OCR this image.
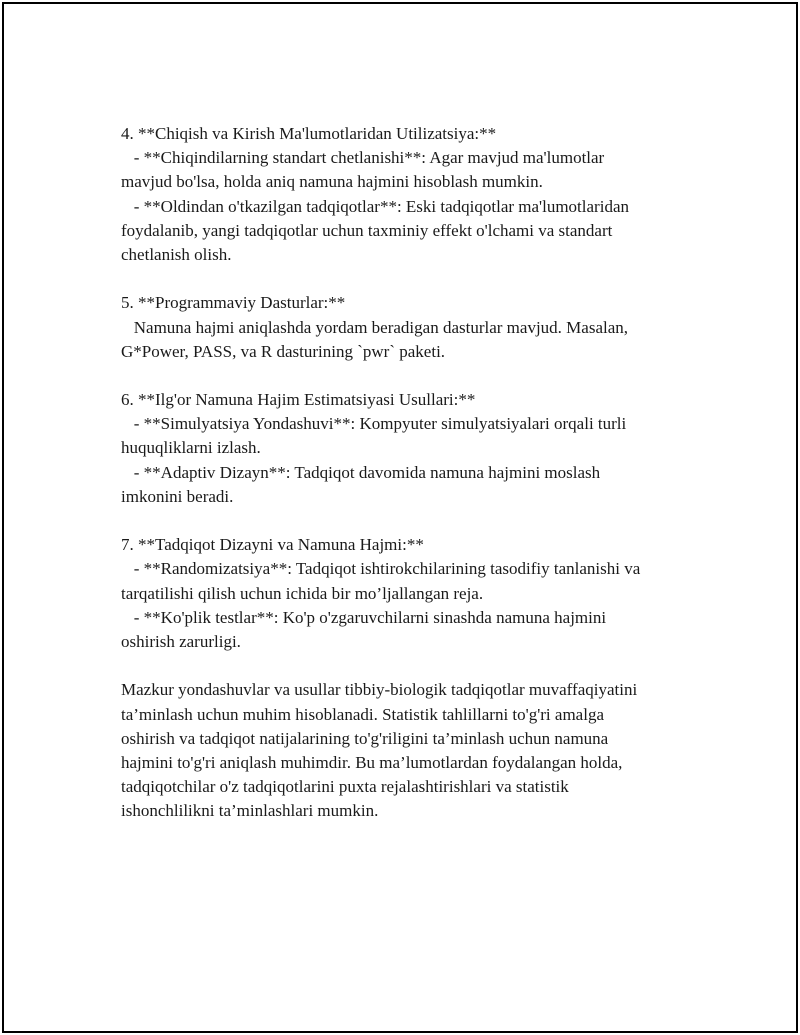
4. **Chiqish va Kirish Ma'lumotlaridan Utilizatsiya:**
- **Chiqindilarning standart chetlanishi**: Agar mavjud ma'lumotlar
mavjud bo'lsa, holda aniq namuna hajmini hisoblash mumkin.
- **Oldindan o'tkazilgan tadqiqotlar**: Eski tadqiqotlar ma'lumotlaridan
foydalanib, yangi tadqiqotlar uchun taxminiy effekt o'lchami va standart
chetlanish olish.
5. **Programmaviy Dasturlar:**
Namuna hajmi aniqlashda yordam beradigan dasturlar mavjud. Masalan,
G*Power, PASS, va R dasturining `pwr` paketi.
6. **Ilg'or Namuna Hajim Estimatsiyasi Usullari:**
- **Simulyatsiya Yondashuvi**: Kompyuter simulyatsiyalari orqali turli
huquqliklarni izlash.
- **Adaptiv Dizayn**: Tadqiqot davomida namuna hajmini moslash
imkonini beradi.
7. **Tadqiqot Dizayni va Namuna Hajmi:**
- **Randomizatsiya**: Tadqiqot ishtirokchilarining tasodifiy tanlanishi va
tarqatilishi qilish uchun ichida bir mo’ljallangan reja.
- **Ko'plik testlar**: Ko'p o'zgaruvchilarni sinashda namuna hajmini
oshirish zarurligi.
Mazkur yondashuvlar va usullar tibbiy-biologik tadqiqotlar muvaffaqiyatini
ta’minlash uchun muhim hisoblanadi. Statistik tahlillarni to'g'ri amalga
oshirish va tadqiqot natijalarining to'g'riligini ta’minlash uchun namuna
hajmini to'g'ri aniqlash muhimdir. Bu ma’lumotlardan foydalangan holda,
tadqiqotchilar o'z tadqiqotlarini puxta rejalashtirishlari va statistik
ishonchlilikni ta’minlashlari mumkin.
